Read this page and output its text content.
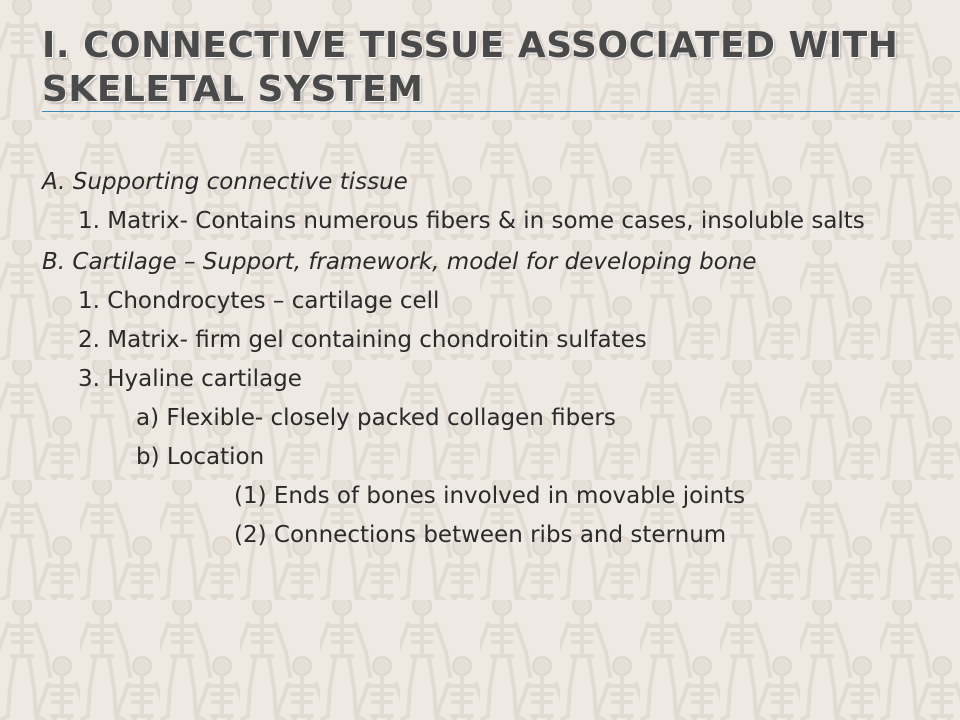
I. CONNECTIVE TISSUE ASSOCIATED WITH SKELETAL SYSTEM
A. Supporting connective tissue
1. Matrix- Contains numerous fibers & in some cases, insoluble salts
B. Cartilage – Support, framework, model for developing bone
1. Chondrocytes – cartilage cell
2. Matrix- firm gel containing chondroitin sulfates
3. Hyaline cartilage
a) Flexible- closely packed collagen fibers
b) Location
(1) Ends of bones involved in movable joints
(2) Connections between ribs and sternum
